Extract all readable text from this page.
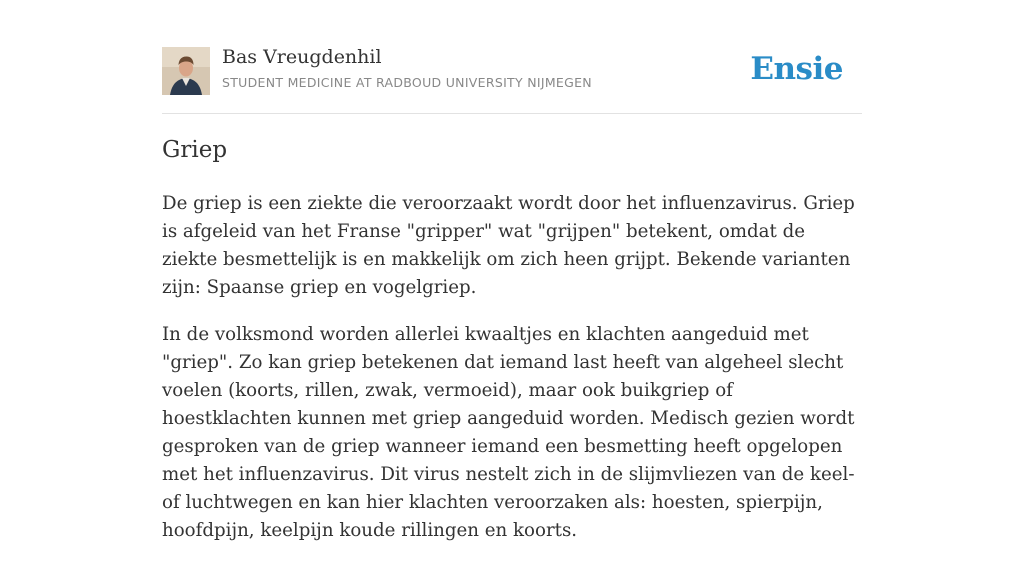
Bas Vreugdenhil
STUDENT MEDICINE AT RADBOUD UNIVERSITY NIJMEGEN	Ensie
Griep

De griep is een ziekte die veroorzaakt wordt door het influenzavirus. Griep is afgeleid van het Franse "gripper" wat "grijpen" betekent, omdat de ziekte besmettelijk is en makkelijk om zich heen grijpt. Bekende varianten zijn: Spaanse griep en vogelgriep.

In de volksmond worden allerlei kwaaltjes en klachten aangeduid met "griep". Zo kan griep betekenen dat iemand last heeft van algeheel slecht voelen (koorts, rillen, zwak, vermoeid), maar ook buikgriep of hoestklachten kunnen met griep aangeduid worden. Medisch gezien wordt gesproken van de griep wanneer iemand een besmetting heeft opgelopen met het influenzavirus. Dit virus nestelt zich in de slijmvliezen van de keel- of luchtwegen en kan hier klachten veroorzaken als: hoesten, spierpijn, hoofdpijn, keelpijn koude rillingen en koorts.
